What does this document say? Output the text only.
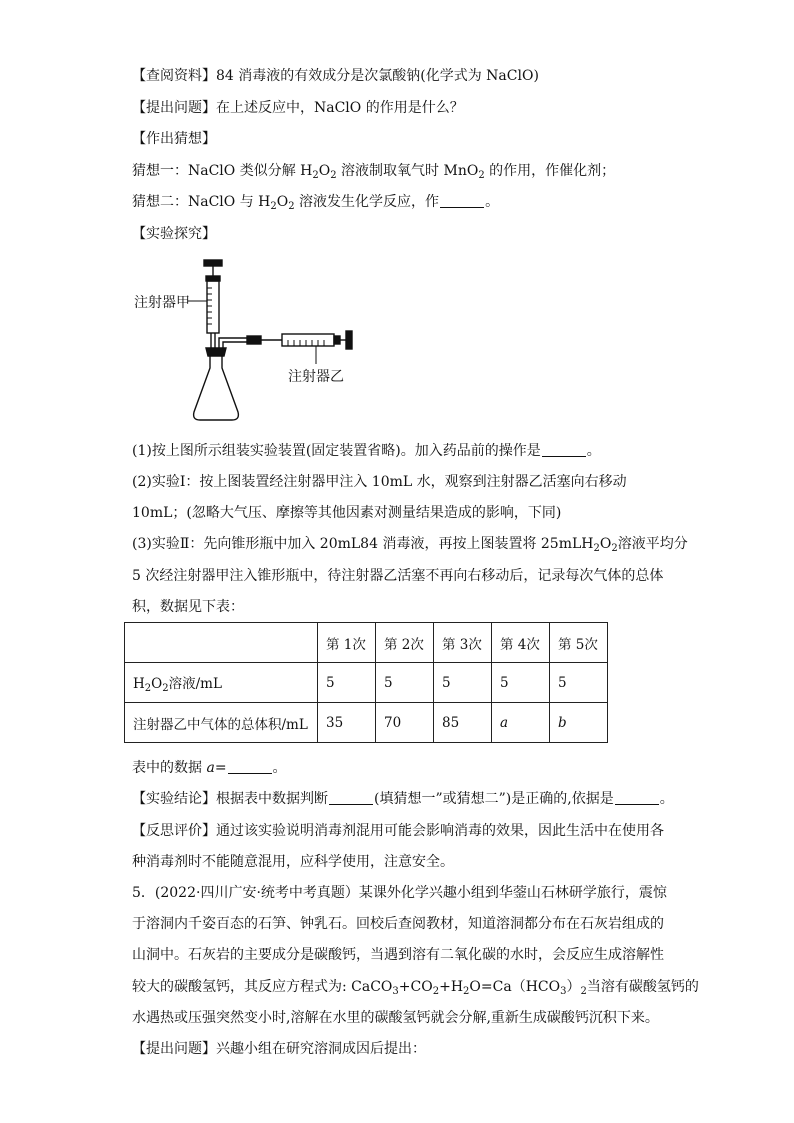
【查阅资料】84 消毒液的有效成分是次氯酸钠(化学式为 NaClO)
【提出问题】在上述反应中，NaClO 的作用是什么？
【作出猜想】
猜想一：NaClO 类似分解 $H_2O_2$ 溶液制取氧气时 MnO$_2$ 的作用，作催化剂；
猜想二：NaClO 与 $H_2O_2$ 溶液发生化学反应，作	。
【实验探究】
注射器甲
注射器乙
(1)按上图所示组装实验装置(固定装置省略)。加入药品前的操作是	。
(2)实验Ⅰ：按上图装置经注射器甲注入 10mL 水，观察到注射器乙活塞向右移动
10mL；(忽略大气压、摩擦等其他因素对测量结果造成的影响，下同)
(3)实验Ⅱ：先向锥形瓶中加入 20mL84 消毒液，再按上图装置将 $25mLH_2O_2$溶液平均分
5 次经注射器甲注入锥形瓶中，待注射器乙活塞不再向右移动后，记录每次气体的总体
积，数据见下表：
	第 1次	第 2次	第 3次	第 4次	第 5次
$H_2O_2$溶液/mL	5	5	5	5	5
注射器乙中气体的总体积/mL	35	70	85	a	b
表中的数据 a=	。
【实验结论】根据表中数据判断	(填猜想一”或猜想二”)是正确的,依据是	。
【反思评价】通过该实验说明消毒剂混用可能会影响消毒的效果，因此生活中在使用各
种消毒剂时不能随意混用，应科学使用，注意安全。
5．(2022·四川广安·统考中考真题）某课外化学兴趣小组到华蓥山石林研学旅行，震惊
于溶洞内千姿百态的石笋、钟乳石。回校后查阅教材，知道溶洞都分布在石灰岩组成的
山洞中。石灰岩的主要成分是碳酸钙，当遇到溶有二氧化碳的水时，会反应生成溶解性
较大的碳酸氢钙，其反应方程式为: $CaCO_3+CO_2+H_2O=Ca(HCO_3)_2$当溶有碳酸氢钙的
水遇热或压强突然变小时,溶解在水里的碳酸氢钙就会分解,重新生成碳酸钙沉积下来。
【提出问题】兴趣小组在研究溶洞成因后提出：
